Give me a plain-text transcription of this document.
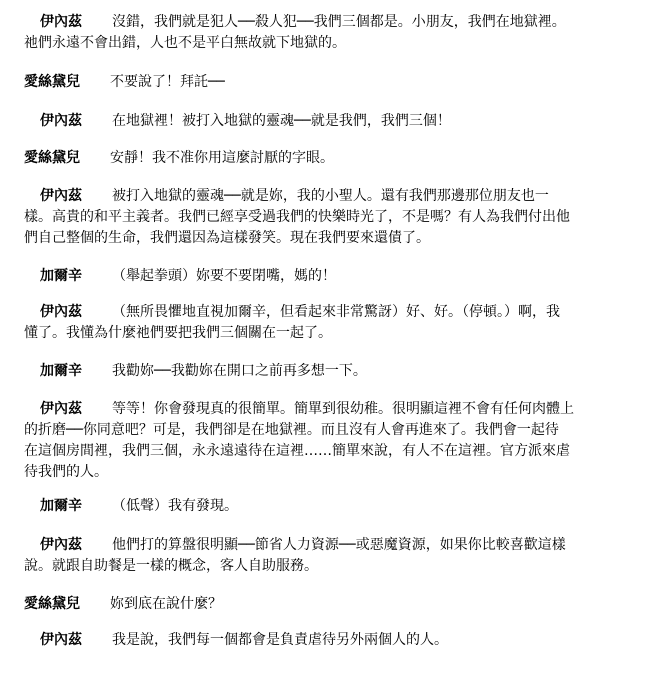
伊內茲 沒錯，我們就是犯人──殺人犯──我們三個都是。小朋友，我們在地獄裡。
祂們永遠不會出錯，人也不是平白無故就下地獄的。

愛絲黛兒 不要說了！拜託──

伊內茲 在地獄裡！被打入地獄的靈魂──就是我們，我們三個！

愛絲黛兒 安靜！我不准你用這麼討厭的字眼。

伊內茲 被打入地獄的靈魂──就是妳，我的小聖人。還有我們那邊那位朋友也一
樣。高貴的和平主義者。我們已經享受過我們的快樂時光了，不是嗎？有人為我們付出他
們自己整個的生命，我們還因為這樣發笑。現在我們要來還債了。

加爾辛 （舉起拳頭）妳要不要閉嘴，媽的！

伊內茲 （無所畏懼地直視加爾辛，但看起來非常驚訝）好、好。（停頓。）啊，我
懂了。我懂為什麼祂們要把我們三個關在一起了。

加爾辛 我勸妳──我勸妳在開口之前再多想一下。

伊內茲 等等！你會發現真的很簡單。簡單到很幼稚。很明顯這裡不會有任何肉體上
的折磨──你同意吧？可是，我們卻是在地獄裡。而且沒有人會再進來了。我們會一起待
在這個房間裡，我們三個，永永遠遠待在這裡……簡單來說，有人不在這裡。官方派來虐
待我們的人。

加爾辛 （低聲）我有發現。

伊內茲 他們打的算盤很明顯──節省人力資源──或惡魔資源，如果你比較喜歡這樣
說。就跟自助餐是一樣的概念，客人自助服務。

愛絲黛兒 妳到底在說什麼？

伊內茲 我是說，我們每一個都會是負責虐待另外兩個人的人。
